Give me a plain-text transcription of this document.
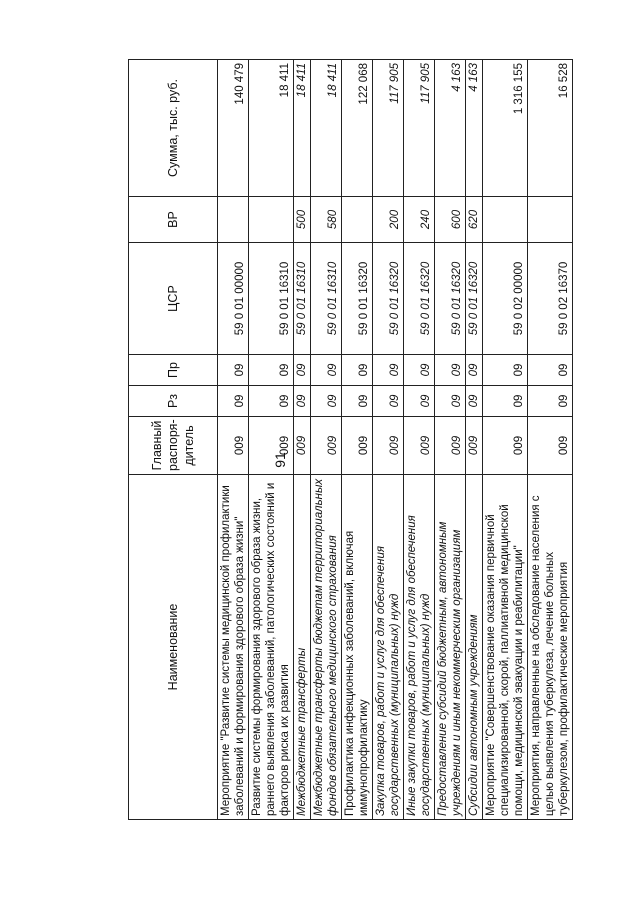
91
Наименование	Главный распоря-дитель	Рз	Пр	ЦСР	ВР	Сумма, тыс. руб.
Мероприятие "Развитие системы медицинской профилактики заболеваний и формирования здорового образа жизни"	009	09	09	59 0 01 00000		140 479
Развитие системы формирования здорового образа жизни, раннего выявления заболеваний, патологических состояний и факторов риска их развития	009	09	09	59 0 01 16310		18 411
Межбюджетные трансферты	009	09	09	59 0 01 16310	500	18 411
Межбюджетные трансферты бюджетам территориальных фондов обязательного медицинского страхования	009	09	09	59 0 01 16310	580	18 411
Профилактика инфекционных заболеваний, включая иммунопрофилактику	009	09	09	59 0 01 16320		122 068
Закупка товаров, работ и услуг для обеспечения государственных (муниципальных) нужд	009	09	09	59 0 01 16320	200	117 905
Иные закупки товаров, работ и услуг для обеспечения государственных (муниципальных) нужд	009	09	09	59 0 01 16320	240	117 905
Предоставление субсидий бюджетным, автономным учреждениям и иным некоммерческим организациям	009	09	09	59 0 01 16320	600	4 163
Субсидии автономным учреждениям	009	09	09	59 0 01 16320	620	4 163
Мероприятие "Совершенствование оказания первичной специализированной, скорой, паллиативной медицинской помощи, медицинской эвакуации и реабилитации"	009	09	09	59 0 02 00000		1 316 155
Мероприятия, направленные на обследование населения с целью выявления туберкулеза, лечение больных туберкулезом, профилактические мероприятия	009	09	09	59 0 02 16370		16 528
